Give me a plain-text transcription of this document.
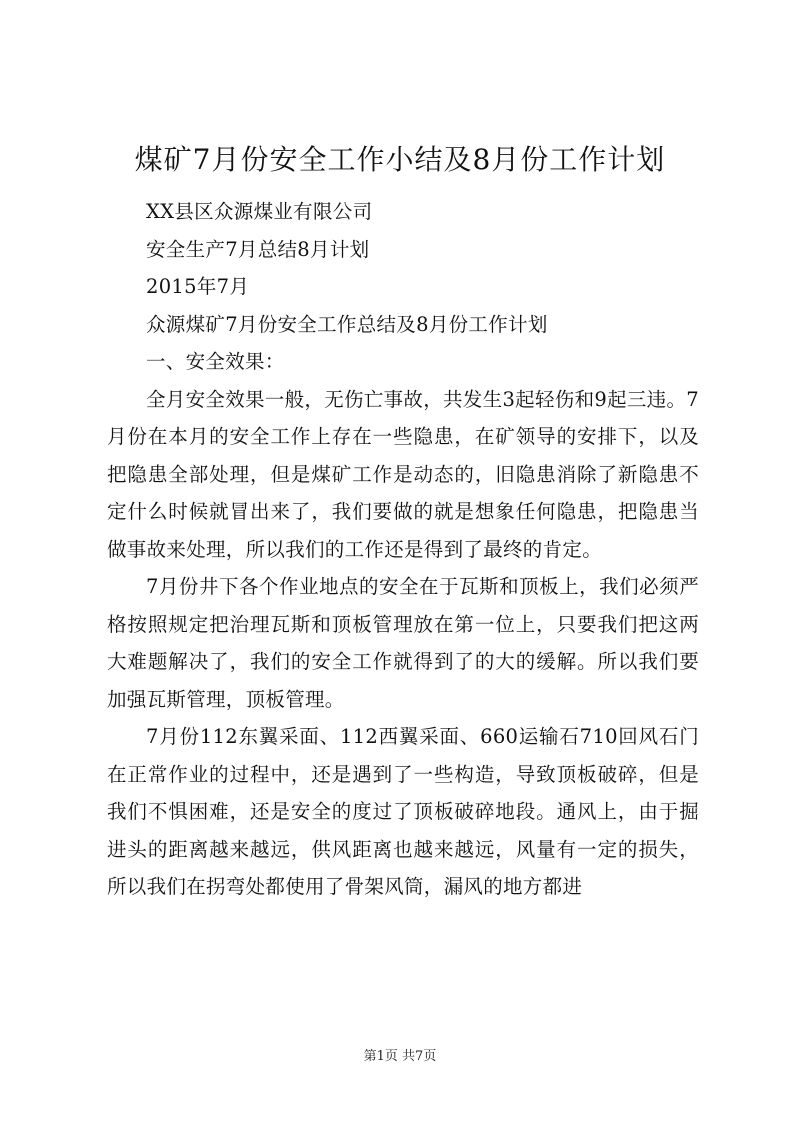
煤矿7月份安全工作小结及8月份工作计划

XX县区众源煤业有限公司

安全生产7月总结8月计划

2015年7月

众源煤矿7月份安全工作总结及8月份工作计划

一、安全效果：

全月安全效果一般，无伤亡事故，共发生3起轻伤和9起三违。7月份在本月的安全工作上存在一些隐患，在矿领导的安排下，以及把隐患全部处理，但是煤矿工作是动态的，旧隐患消除了新隐患不定什么时候就冒出来了，我们要做的就是想象任何隐患，把隐患当做事故来处理，所以我们的工作还是得到了最终的肯定。

7月份井下各个作业地点的安全在于瓦斯和顶板上，我们必须严格按照规定把治理瓦斯和顶板管理放在第一位上，只要我们把这两大难题解决了，我们的安全工作就得到了的大的缓解。所以我们要加强瓦斯管理，顶板管理。

7月份112东翼采面、112西翼采面、660运输石710回风石门在正常作业的过程中，还是遇到了一些构造，导致顶板破碎，但是我们不惧困难，还是安全的度过了顶板破碎地段。通风上，由于掘进头的距离越来越远，供风距离也越来越远，风量有一定的损失，所以我们在拐弯处都使用了骨架风筒，漏风的地方都进

第1页 共7页
